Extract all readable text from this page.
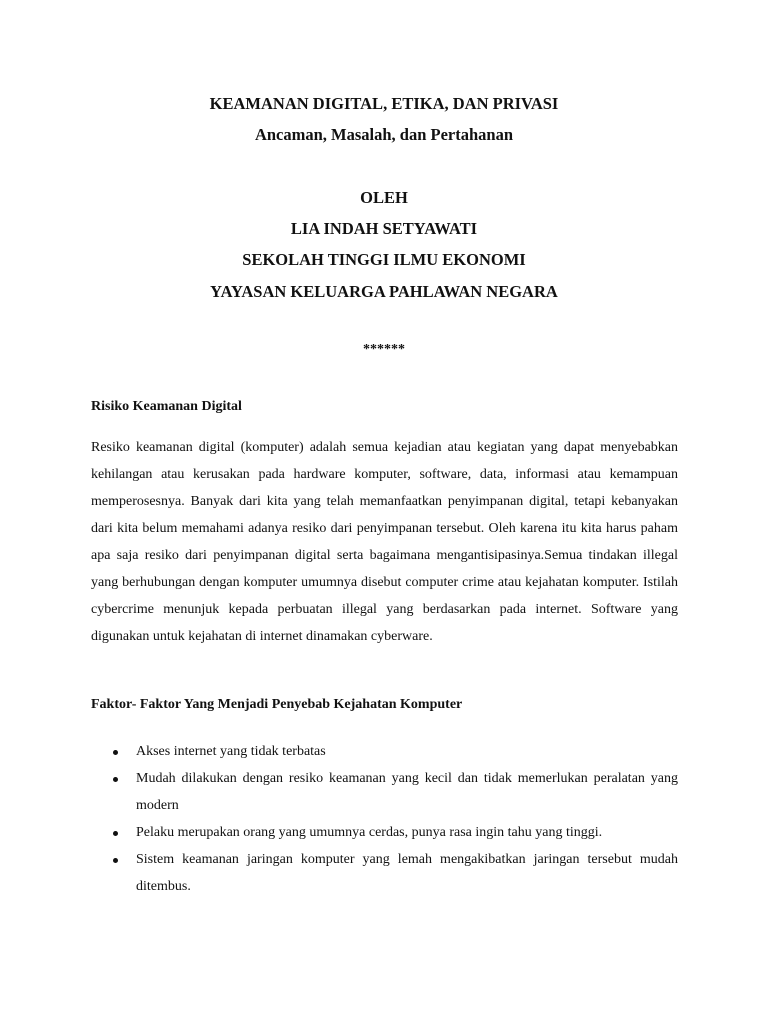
KEAMANAN DIGITAL, ETIKA, DAN PRIVASI
Ancaman, Masalah, dan Pertahanan
OLEH
LIA INDAH SETYAWATI
SEKOLAH TINGGI ILMU EKONOMI
YAYASAN KELUARGA PAHLAWAN NEGARA
******
Risiko Keamanan Digital

Resiko keamanan digital (komputer) adalah semua kejadian atau kegiatan yang dapat menyebabkan kehilangan atau kerusakan pada hardware komputer, software, data, informasi atau kemampuan memperosesnya. Banyak dari kita yang telah memanfaatkan penyimpanan digital, tetapi kebanyakan dari kita belum memahami adanya resiko dari penyimpanan tersebut. Oleh karena itu kita harus paham apa saja resiko dari penyimpanan digital serta bagaimana mengantisipasinya.Semua tindakan illegal yang berhubungan dengan komputer umumnya disebut computer crime atau kejahatan komputer. Istilah cybercrime menunjuk kepada perbuatan illegal yang berdasarkan pada internet. Software yang digunakan untuk kejahatan di internet dinamakan cyberware.

Faktor- Faktor Yang Menjadi Penyebab Kejahatan Komputer
Akses internet yang tidak terbatas
Mudah dilakukan dengan resiko keamanan yang kecil dan tidak memerlukan peralatan yang modern
Pelaku merupakan orang yang umumnya cerdas, punya rasa ingin tahu yang tinggi.
Sistem keamanan jaringan komputer yang lemah mengakibatkan jaringan tersebut mudah ditembus.
